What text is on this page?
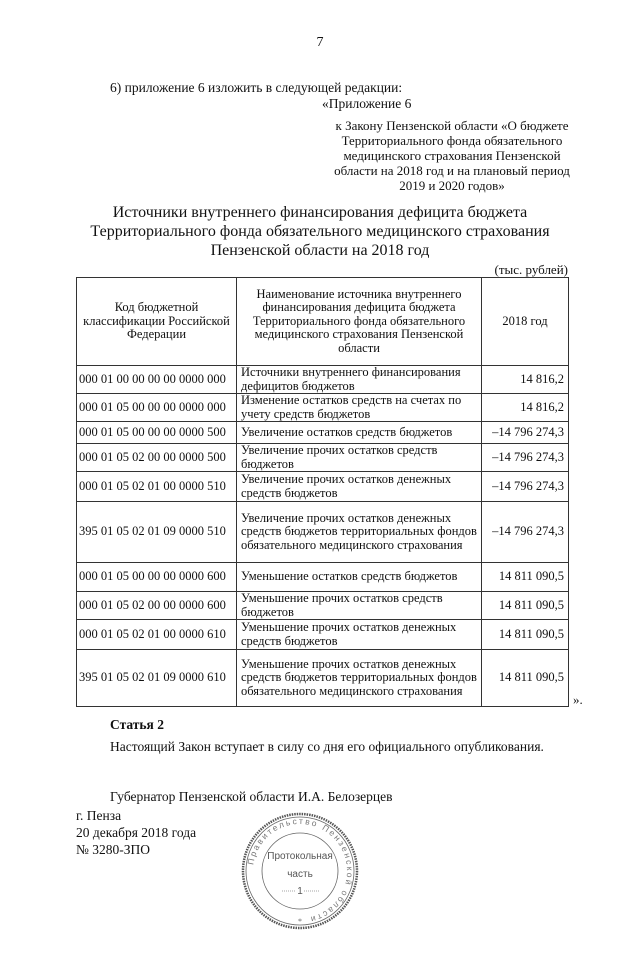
7
6) приложение 6 изложить в следующей редакции:
«Приложение 6
к Закону Пензенской области «О бюджете Территориального фонда обязательного медицинского страхования Пензенской области на 2018 год и на плановый период 2019 и 2020 годов»
Источники внутреннего финансирования дефицита бюджета
Территориального фонда обязательного медицинского страхования
Пензенской области на 2018 год
(тыс. рублей)
Код бюджетной классификации Российской Федерации	Наименование источника внутреннего финансирования дефицита бюджета Территориального фонда обязательного медицинского страхования Пензенской области	2018 год
000 01 00 00 00 00 0000 000	Источники внутреннего финансирования дефицитов бюджетов	14 816,2
000 01 05 00 00 00 0000 000	Изменение остатков средств на счетах по учету средств бюджетов	14 816,2
000 01 05 00 00 00 0000 500	Увеличение остатков средств бюджетов	–14 796 274,3
000 01 05 02 00 00 0000 500	Увеличение прочих остатков средств бюджетов	–14 796 274,3
000 01 05 02 01 00 0000 510	Увеличение прочих остатков денежных средств бюджетов	–14 796 274,3
395 01 05 02 01 09 0000 510	Увеличение прочих остатков денежных средств бюджетов территориальных фондов обязательного медицинского страхования	–14 796 274,3
000 01 05 00 00 00 0000 600	Уменьшение остатков средств бюджетов	14 811 090,5
000 01 05 02 00 00 0000 600	Уменьшение прочих остатков средств бюджетов	14 811 090,5
000 01 05 02 01 00 0000 610	Уменьшение прочих остатков денежных средств бюджетов	14 811 090,5
395 01 05 02 01 09 0000 610	Уменьшение прочих остатков денежных средств бюджетов территориальных фондов обязательного медицинского страхования	14 811 090,5
».
Статья 2
Настоящий Закон вступает в силу со дня его официального опубликования.
Губернатор Пензенской области И.А. Белозерцев
г. Пенза
20 декабря 2018 года
№ 3280-ЗПО
Правительство Пензенской области
Протокольная
часть
1
*
